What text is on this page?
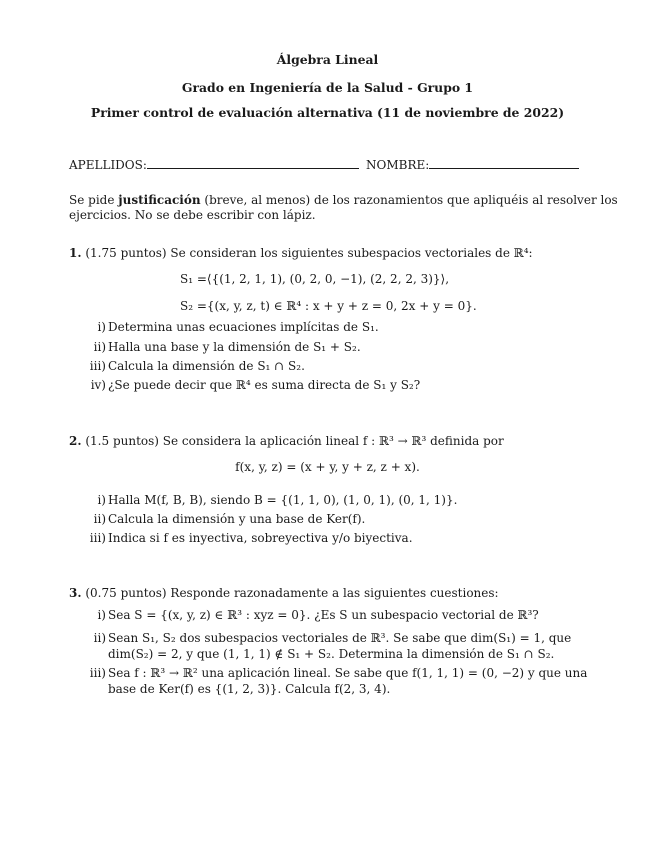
Álgebra Lineal
Grado en Ingeniería de la Salud - Grupo 1
Primer control de evaluación alternativa (11 de noviembre de 2022)
APELLIDOS:	NOMBRE:
Se pide justificación (breve, al menos) de los razonamientos que apliquéis al resolver los
ejercicios. No se debe escribir con lápiz.
1. (1.75 puntos) Se consideran los siguientes subespacios vectoriales de ℝ⁴:
S₁ =⟨{(1, 2, 1, 1), (0, 2, 0, −1), (2, 2, 2, 3)}⟩,
S₂ ={(x, y, z, t) ∈ ℝ⁴ : x + y + z = 0, 2x + y = 0}.
i) Determina unas ecuaciones implícitas de S₁.
ii) Halla una base y la dimensión de S₁ + S₂.
iii) Calcula la dimensión de S₁ ∩ S₂.
iv) ¿Se puede decir que ℝ⁴ es suma directa de S₁ y S₂?
2. (1.5 puntos) Se considera la aplicación lineal f : ℝ³ → ℝ³ definida por
f(x, y, z) = (x + y, y + z, z + x).
i) Halla M(f, B, B), siendo B = {(1, 1, 0), (1, 0, 1), (0, 1, 1)}.
ii) Calcula la dimensión y una base de Ker(f).
iii) Indica si f es inyectiva, sobreyectiva y/o biyectiva.
3. (0.75 puntos) Responde razonadamente a las siguientes cuestiones:
i) Sea S = {(x, y, z) ∈ ℝ³ : xyz = 0}. ¿Es S un subespacio vectorial de ℝ³?
ii) Sean S₁, S₂ dos subespacios vectoriales de ℝ³. Se sabe que dim(S₁) = 1, que
dim(S₂) = 2, y que (1, 1, 1) ∉ S₁ + S₂. Determina la dimensión de S₁ ∩ S₂.
iii) Sea f : ℝ³ → ℝ² una aplicación lineal. Se sabe que f(1, 1, 1) = (0, −2) y que una
base de Ker(f) es {(1, 2, 3)}. Calcula f(2, 3, 4).
